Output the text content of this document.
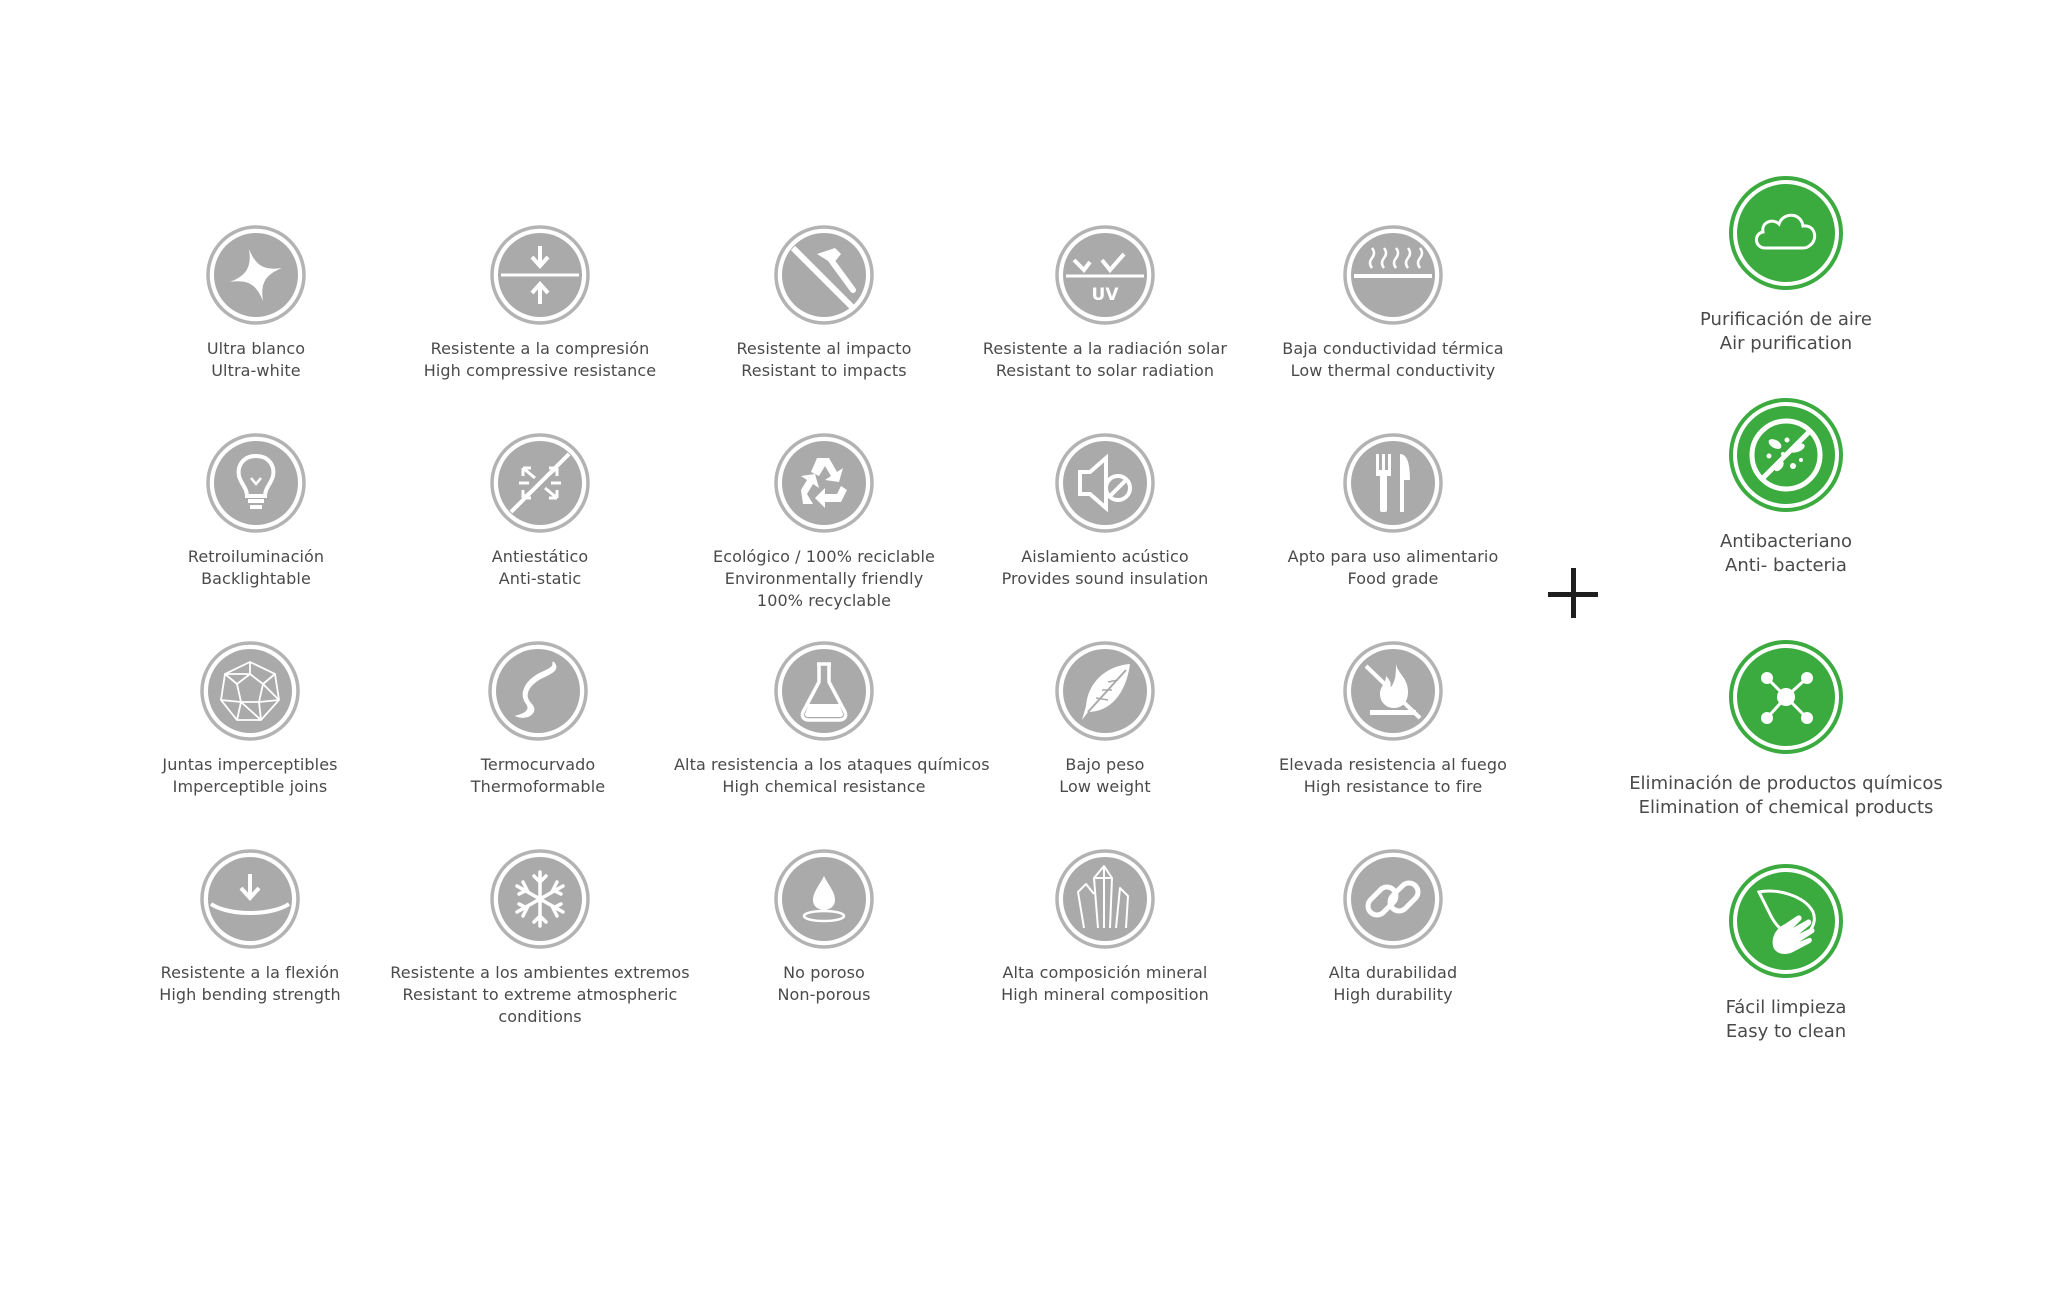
Ultra blanco
Ultra-white
Resistente a la compresión
High compressive resistance
Resistente al impacto
Resistant to impacts
UV
Resistente a la radiación solar
Resistant to solar radiation
Baja conductividad térmica
Low thermal conductivity
Retroiluminación
Backlightable
Antiestático
Anti-static
Ecológico / 100% reciclable
Environmentally friendly
100% recyclable
Aislamiento acústico
Provides sound insulation
Apto para uso alimentario
Food grade
Juntas imperceptibles
Imperceptible joins
Termocurvado
Thermoformable
Alta resistencia a los ataques químicos
High chemical resistance
Bajo peso
Low weight
Elevada resistencia al fuego
High resistance to fire
Resistente a la flexión
High bending strength
Resistente a los ambientes extremos
Resistant to extreme atmospheric
conditions
No poroso
Non-porous
Alta composición mineral
High mineral composition
Alta durabilidad
High durability
Purificación de aire
Air purification
Antibacteriano
Anti- bacteria
Eliminación de productos químicos
Elimination of chemical products
Fácil limpieza
Easy to clean
